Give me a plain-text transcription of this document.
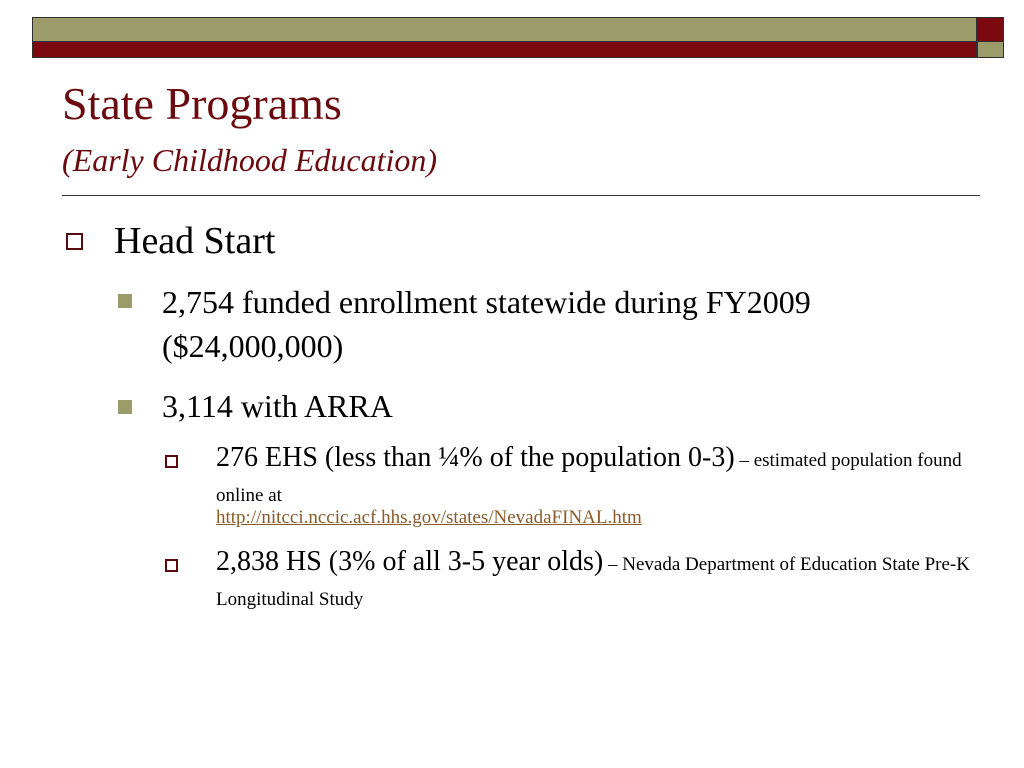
State Programs
(Early Childhood Education)
Head Start
2,754 funded enrollment statewide during FY2009 ($24,000,000)
3,114 with ARRA
276 EHS (less than ¼% of the population 0-3) – estimated population found online at
http://nitcci.nccic.acf.hhs.gov/states/NevadaFINAL.htm
2,838 HS (3% of all 3-5 year olds) – Nevada Department of Education State Pre-K Longitudinal Study
